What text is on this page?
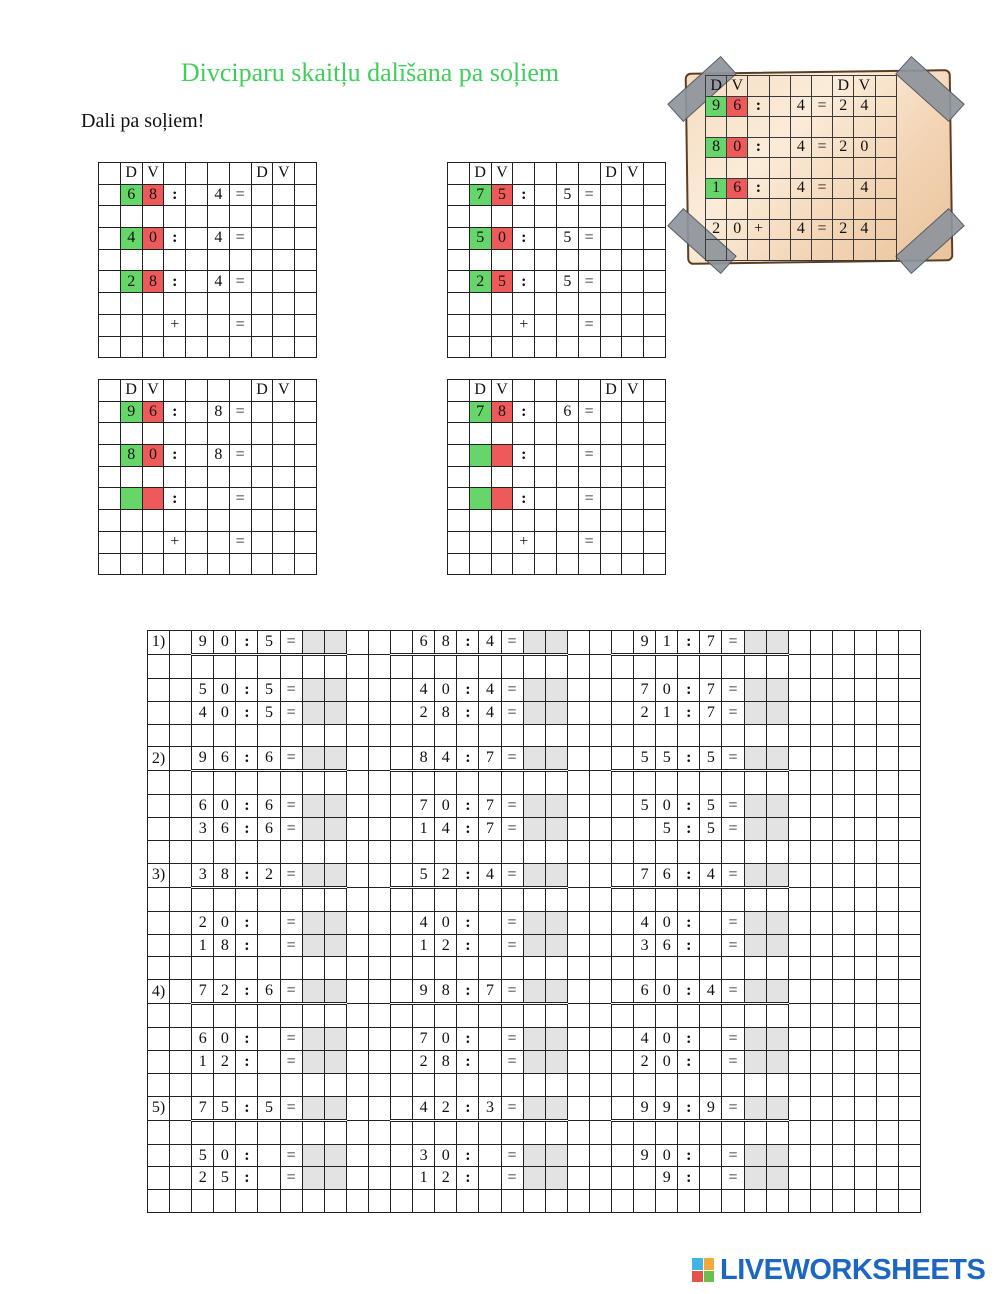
Divciparu skaitļu dalīšana pa soļiem
Dali pa soļiem!
	D	V					D	V	
	6	8	:		4	=			

	4	0	:		4	=			

	2	8	:		4	=			

			+			=			

	D	V					D	V	
	7	5	:		5	=			

	5	0	:		5	=			

	2	5	:		5	=			

			+			=			

	D	V					D	V	
	9	6	:		8	=			

	8	0	:		8	=			

			:			=			

			+			=			

	D	V					D	V	
	7	8	:		6	=			

			:			=			

			:			=			

			+			=			

D	V					D	V	
9	6	:		4	=	2	4	

8	0	:		4	=	2	0	

1	6	:		4	=		4	

2	0	+		4	=	2	4	

1)		9	0	:	5	=						6	8	:	4	=						9	1	:	7	=								

		5	0	:	5	=						4	0	:	4	=						7	0	:	7	=								
		4	0	:	5	=						2	8	:	4	=						2	1	:	7	=								

2)		9	6	:	6	=						8	4	:	7	=						5	5	:	5	=								

		6	0	:	6	=						7	0	:	7	=						5	0	:	5	=								
		3	6	:	6	=						1	4	:	7	=							5	:	5	=								

3)		3	8	:	2	=						5	2	:	4	=						7	6	:	4	=								

		2	0	:		=						4	0	:		=						4	0	:		=								
		1	8	:		=						1	2	:		=						3	6	:		=								

4)		7	2	:	6	=						9	8	:	7	=						6	0	:	4	=								

		6	0	:		=						7	0	:		=						4	0	:		=								
		1	2	:		=						2	8	:		=						2	0	:		=								

5)		7	5	:	5	=						4	2	:	3	=						9	9	:	9	=								

		5	0	:		=						3	0	:		=						9	0	:		=								
		2	5	:		=						1	2	:		=							9	:		=								

LIVEWORKSHEETS
